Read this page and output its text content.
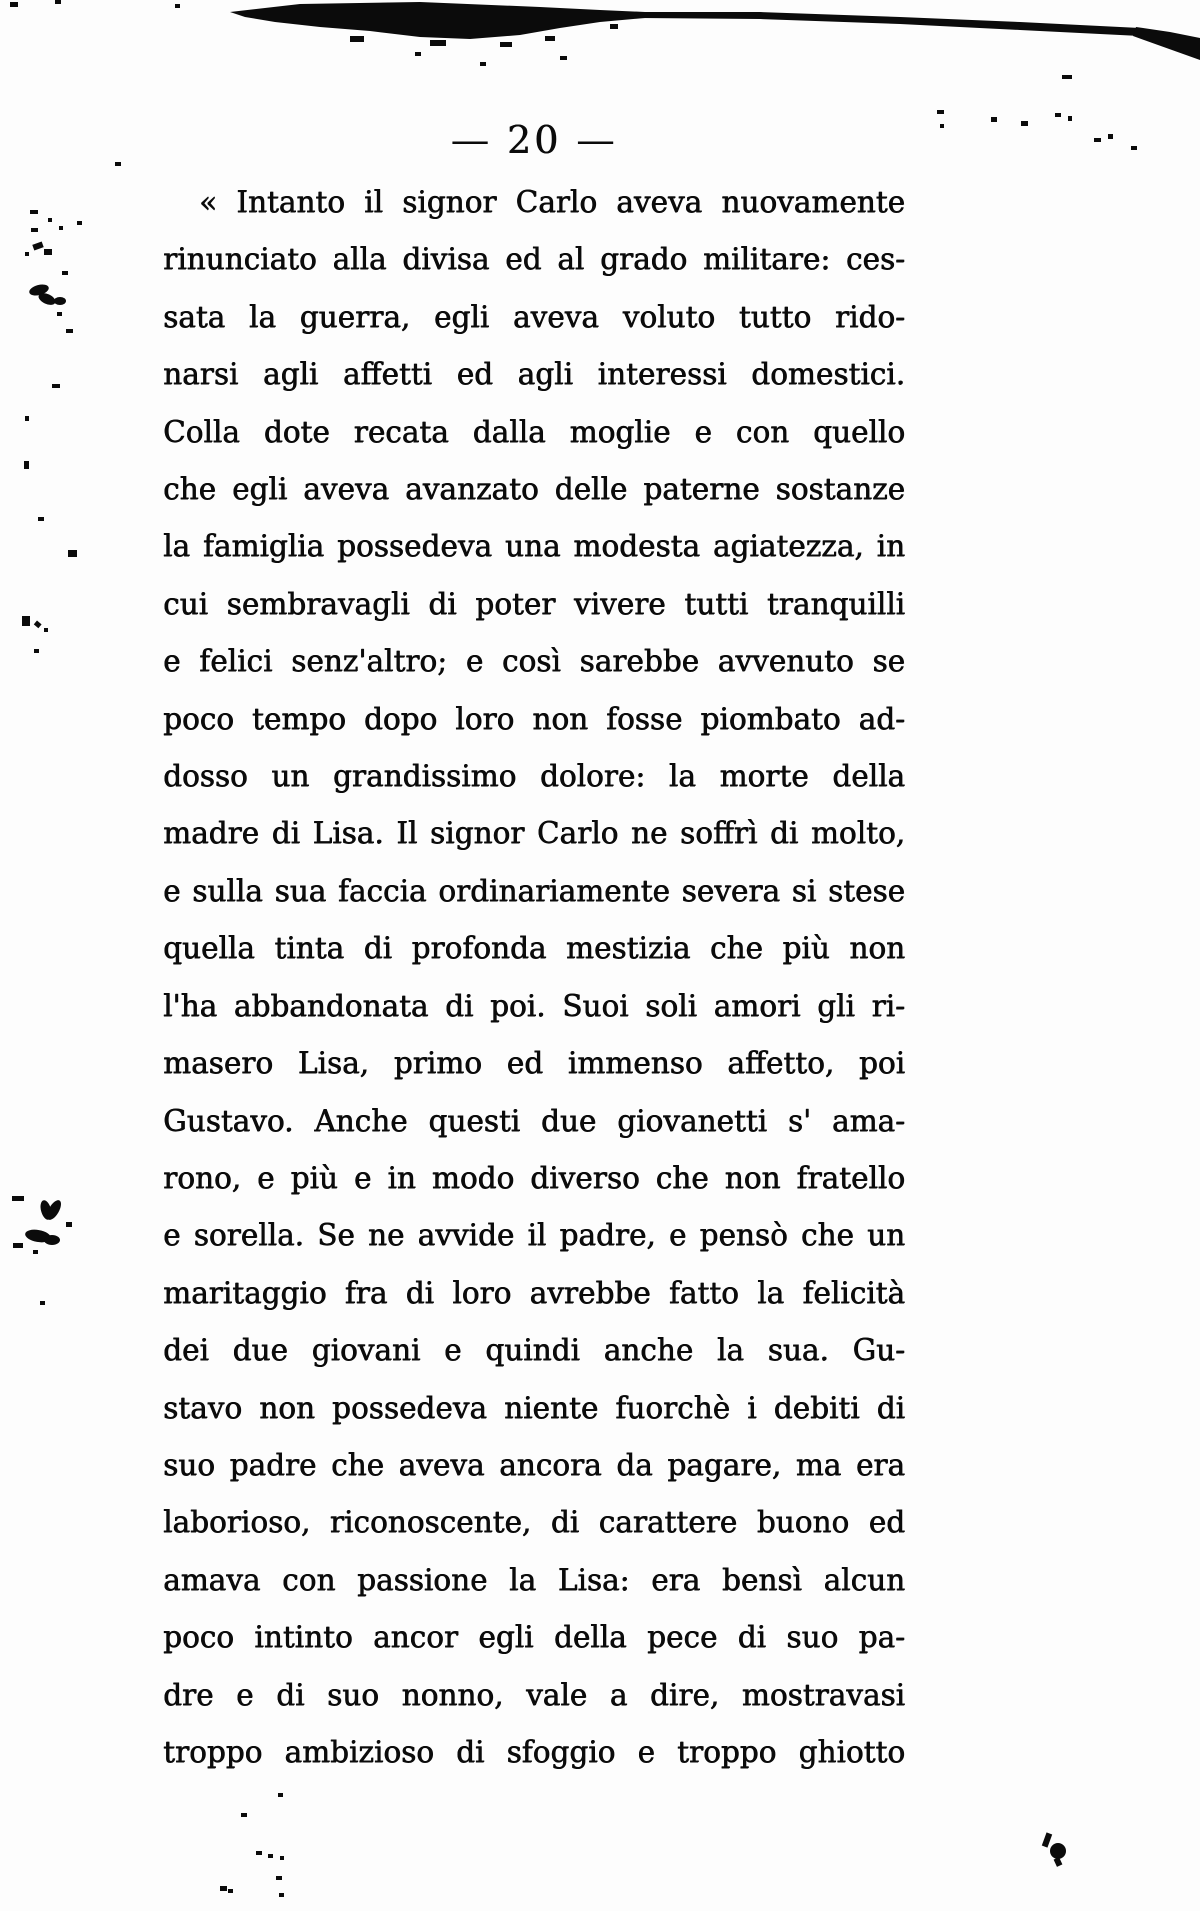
— 20 —
« Intanto il signor Carlo aveva nuovamente
rinunciato alla divisa ed al grado militare: ces-
sata la guerra, egli aveva voluto tutto rido-
narsi agli affetti ed agli interessi domestici.
Colla dote recata dalla moglie e con quello
che egli aveva avanzato delle paterne sostanze
la famiglia possedeva una modesta agiatezza, in
cui sembravagli di poter vivere tutti tranquilli
e felici senz'altro; e così sarebbe avvenuto se
poco tempo dopo loro non fosse piombato ad-
dosso un grandissimo dolore: la morte della
madre di Lisa. Il signor Carlo ne soffrì di molto,
e sulla sua faccia ordinariamente severa si stese
quella tinta di profonda mestizia che più non
l'ha abbandonata di poi. Suoi soli amori gli ri-
masero Lisa, primo ed immenso affetto, poi
Gustavo. Anche questi due giovanetti s' ama-
rono, e più e in modo diverso che non fratello
e sorella. Se ne avvide il padre, e pensò che un
maritaggio fra di loro avrebbe fatto la felicità
dei due giovani e quindi anche la sua. Gu-
stavo non possedeva niente fuorchè i debiti di
suo padre che aveva ancora da pagare, ma era
laborioso, riconoscente, di carattere buono ed
amava con passione la Lisa: era bensì alcun
poco intinto ancor egli della pece di suo pa-
dre e di suo nonno, vale a dire, mostravasi
troppo ambizioso di sfoggio e troppo ghiotto
